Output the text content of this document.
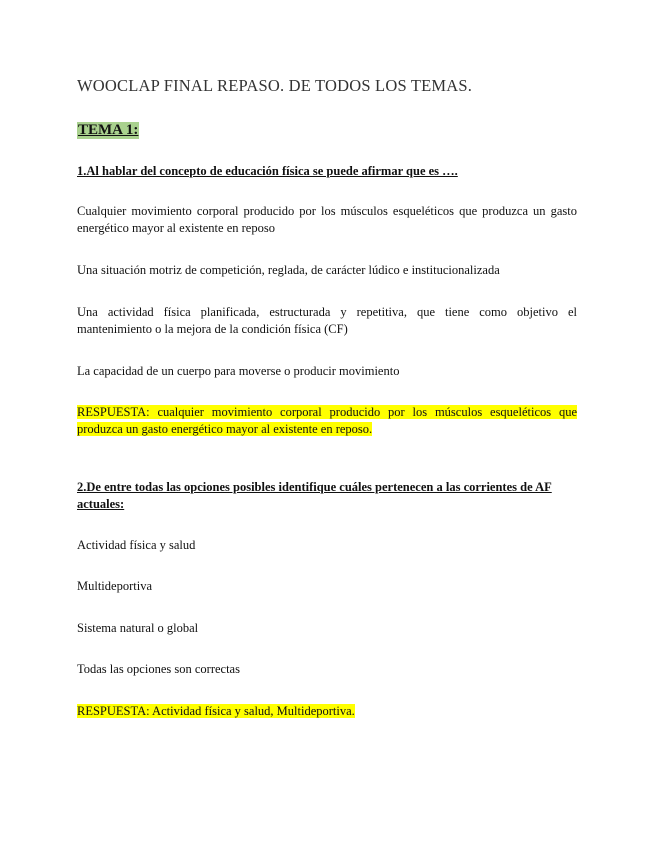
WOOCLAP FINAL REPASO. DE TODOS LOS TEMAS.
TEMA 1:
1.Al hablar del concepto de educación física se puede afirmar que es ….
Cualquier movimiento corporal producido por los músculos esqueléticos que produzca un gasto energético mayor al existente en reposo
Una situación motriz de competición, reglada, de carácter lúdico e institucionalizada
Una actividad física planificada, estructurada y repetitiva, que tiene como objetivo el mantenimiento o la mejora de la condición física (CF)
La capacidad de un cuerpo para moverse o producir movimiento
RESPUESTA: cualquier movimiento corporal producido por los músculos esqueléticos que produzca un gasto energético mayor al existente en reposo.
2.De entre todas las opciones posibles identifique cuáles pertenecen a las corrientes de AF actuales:
Actividad física y salud
Multideportiva
Sistema natural o global
Todas las opciones son correctas
RESPUESTA: Actividad física y salud, Multideportiva.
